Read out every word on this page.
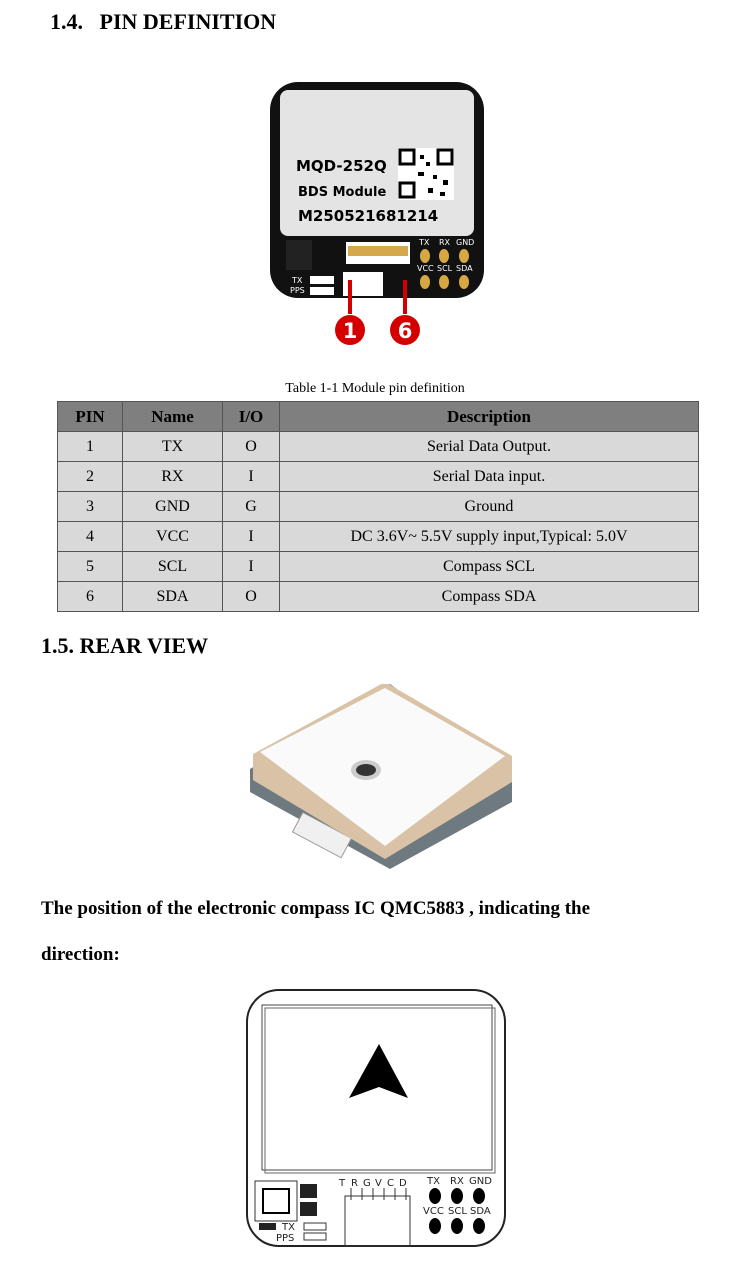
1.4.   PIN DEFINITION
MQD-252Q
BDS Module
M250521681214
TX
PPS
TX RX GND
VCC SCL SDA
1 6
Table 1-1 Module pin definition
PIN	Name	I/O	Description
1	TX	O	Serial Data Output.
2	RX	I	Serial Data input.
3	GND	G	Ground
4	VCC	I	DC 3.6V~ 5.5V supply input,Typical: 5.0V
5	SCL	I	Compass SCL
6	SDA	O	Compass SDA
1.5. REAR VIEW

The position of the electronic compass IC QMC5883 , indicating the

direction:

TX
PPS
T R G V C D TX RX GND
VCC SCL SDA
